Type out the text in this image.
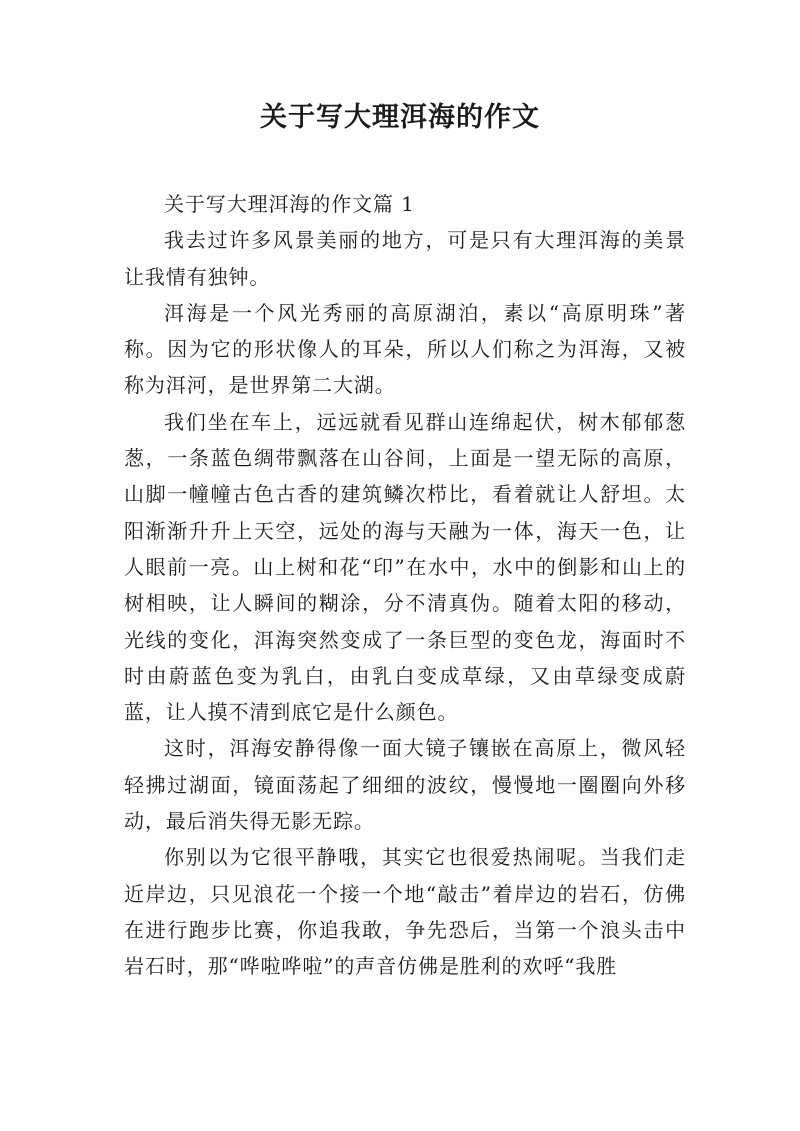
关于写大理洱海的作文

关于写大理洱海的作文篇 1

我去过许多风景美丽的地方，可是只有大理洱海的美景让我情有独钟。

洱海是一个风光秀丽的高原湖泊，素以“高原明珠”著称。因为它的形状像人的耳朵，所以人们称之为洱海，又被称为洱河，是世界第二大湖。

我们坐在车上，远远就看见群山连绵起伏，树木郁郁葱葱，一条蓝色绸带飘落在山谷间，上面是一望无际的高原，山脚一幢幢古色古香的建筑鳞次栉比，看着就让人舒坦。太阳渐渐升升上天空，远处的海与天融为一体，海天一色，让人眼前一亮。山上树和花“印”在水中，水中的倒影和山上的树相映，让人瞬间的糊涂，分不清真伪。随着太阳的移动，光线的变化，洱海突然变成了一条巨型的变色龙，海面时不时由蔚蓝色变为乳白，由乳白变成草绿，又由草绿变成蔚蓝，让人摸不清到底它是什么颜色。

这时，洱海安静得像一面大镜子镶嵌在高原上，微风轻轻拂过湖面，镜面荡起了细细的波纹，慢慢地一圈圈向外移动，最后消失得无影无踪。

你别以为它很平静哦，其实它也很爱热闹呢。当我们走近岸边，只见浪花一个接一个地“敲击”着岸边的岩石，仿佛在进行跑步比赛，你追我敢，争先恐后，当第一个浪头击中岩石时，那“哗啦哗啦”的声音仿佛是胜利的欢呼“我胜
